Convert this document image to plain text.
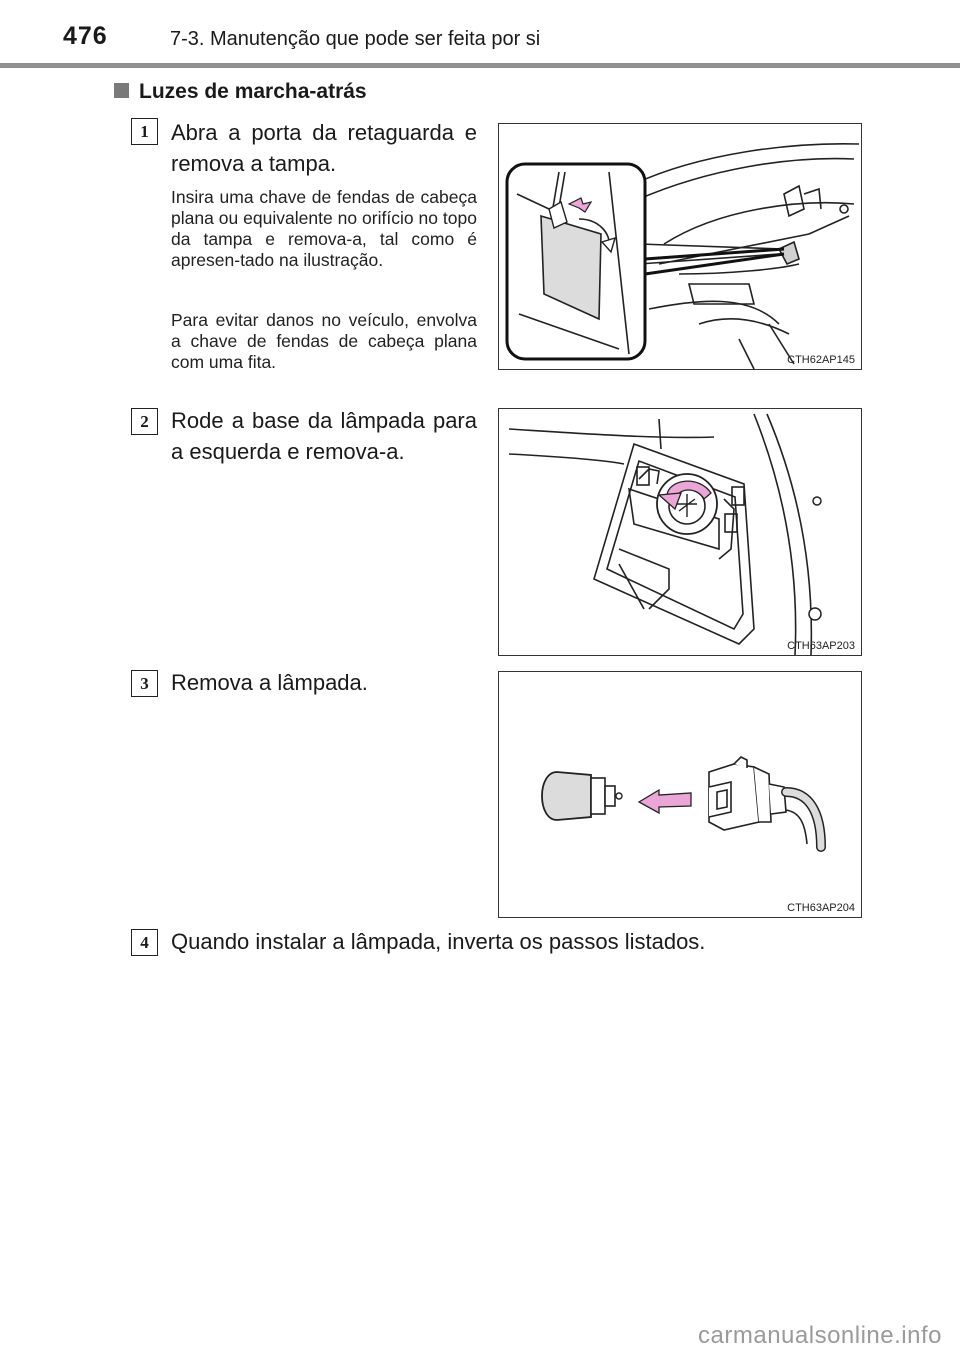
476	7-3. Manutenção que pode ser feita por si
Luzes de marcha-atrás
1	Abra a porta da retaguarda e remova a tampa.
Insira uma chave de fendas de cabeça plana ou equivalente no orifício no topo da tampa e remova-a, tal como é apresen-tado na ilustração.
Para evitar danos no veículo, envolva a chave de fendas de cabeça plana com uma fita.	CTH62AP145
2	Rode a base da lâmpada para a esquerda e remova-a.
CTH63AP203
3	Remova a lâmpada.
CTH63AP204
4	Quando instalar a lâmpada, inverta os passos listados.
carmanualsonline.info
